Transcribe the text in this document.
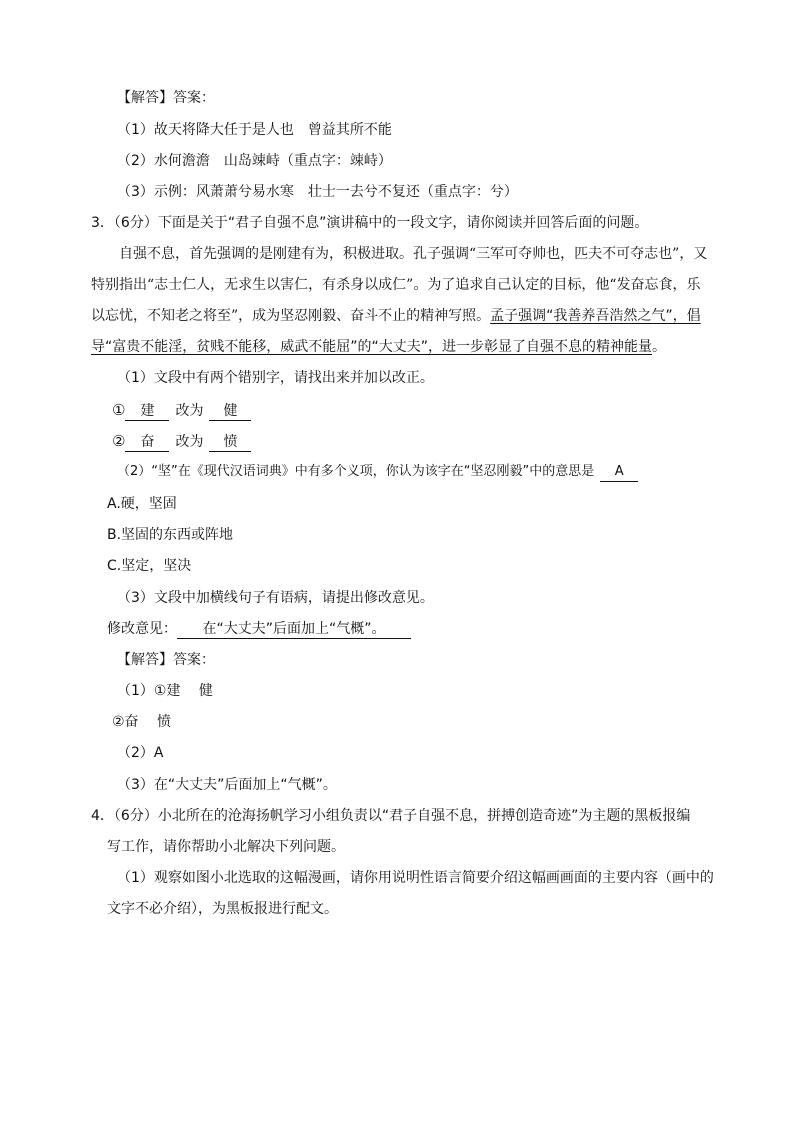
【解答】答案：
（1）故天将降大任于是人也　曾益其所不能
（2）水何澹澹　山岛竦峙（重点字：竦峙）
（3）示例：风萧萧兮易水寒　壮士一去兮不复还（重点字：兮）
3．（6分）下面是关于“君子自强不息”演讲稿中的一段文字，请你阅读并回答后面的问题。
自强不息，首先强调的是刚建有为，积极进取。孔子强调“三军可夺帅也，匹夫不可夺志也”，又
特别指出“志士仁人，无求生以害仁，有杀身以成仁”。为了追求自己认定的目标，他“发奋忘食，乐
以忘忧，不知老之将至”，成为坚忍刚毅、奋斗不止的精神写照。孟子强调“我善养吾浩然之气”，倡
导“富贵不能淫，贫贱不能移，威武不能屈”的“大丈夫”，进一步彰显了自强不息的精神能量。
（1）文段中有两个错别字，请找出来并加以改正。
① 建 改为 健
② 奋 改为 愤
（2）“坚”在《现代汉语词典》中有多个义项，你认为该字在“坚忍刚毅”中的意思是 A
A.硬，坚固
B.坚固的东西或阵地
C.坚定，坚决
（3）文段中加横线句子有语病，请提出修改意见。
修改意见： 在“大丈夫”后面加上“气概”。
【解答】答案：
（1）①建　 健
②奋　 愤
（2）A
（3）在“大丈夫”后面加上“气概”。
4．（6分）小北所在的沧海扬帆学习小组负责以“君子自强不息，拼搏创造奇迹”为主题的黑板报编
写工作，请你帮助小北解决下列问题。
（1）观察如图小北选取的这幅漫画，请你用说明性语言简要介绍这幅画画面的主要内容（画中的
文字不必介绍），为黑板报进行配文。
